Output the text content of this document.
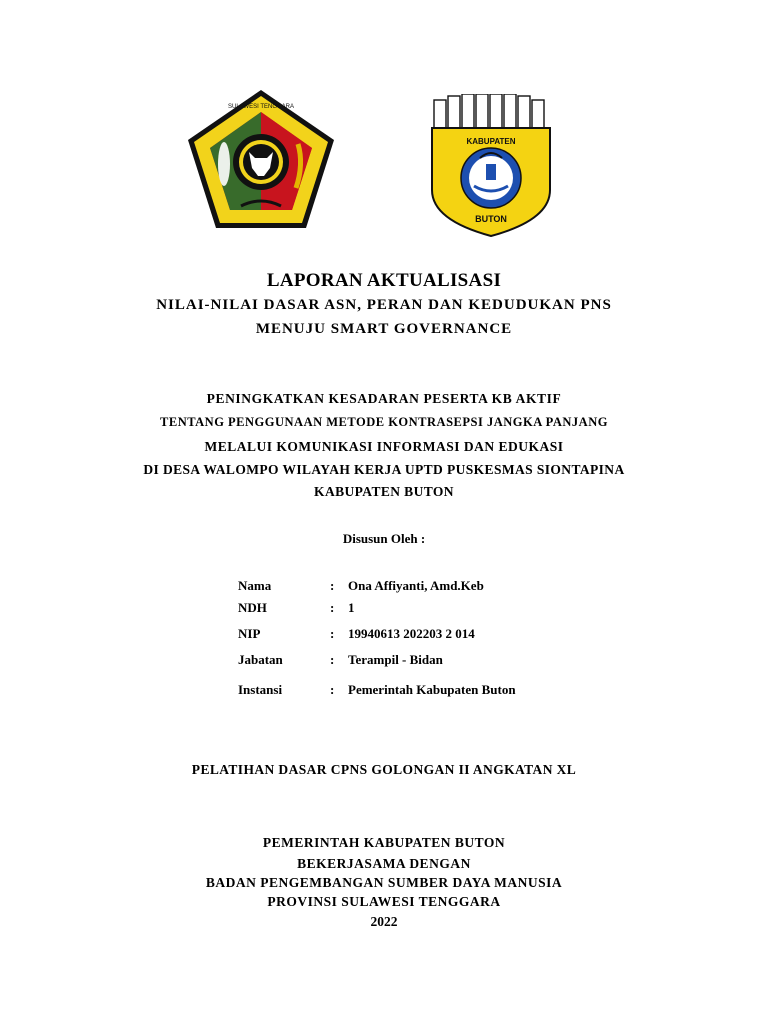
SULAWESI TENGGARA
KABUPATEN
BUTON
LAPORAN AKTUALISASI
NILAI-NILAI DASAR ASN, PERAN DAN KEDUDUKAN PNS
MENUJU SMART GOVERNANCE
PENINGKATKAN KESADARAN PESERTA KB AKTIF
TENTANG PENGGUNAAN METODE KONTRASEPSI JANGKA PANJANG
MELALUI KOMUNIKASI INFORMASI DAN EDUKASI
DI DESA WALOMPO WILAYAH KERJA UPTD PUSKESMAS SIONTAPINA
KABUPATEN BUTON
Disusun Oleh :
Nama	: Ona Affiyanti, Amd.Keb
NDH	: 1
NIP	: 19940613 202203 2 014
Jabatan	: Terampil - Bidan
Instansi	: Pemerintah Kabupaten Buton
PELATIHAN DASAR CPNS GOLONGAN II ANGKATAN XL
PEMERINTAH KABUPATEN BUTON
BEKERJASAMA DENGAN
BADAN PENGEMBANGAN SUMBER DAYA MANUSIA
PROVINSI SULAWESI TENGGARA
2022
